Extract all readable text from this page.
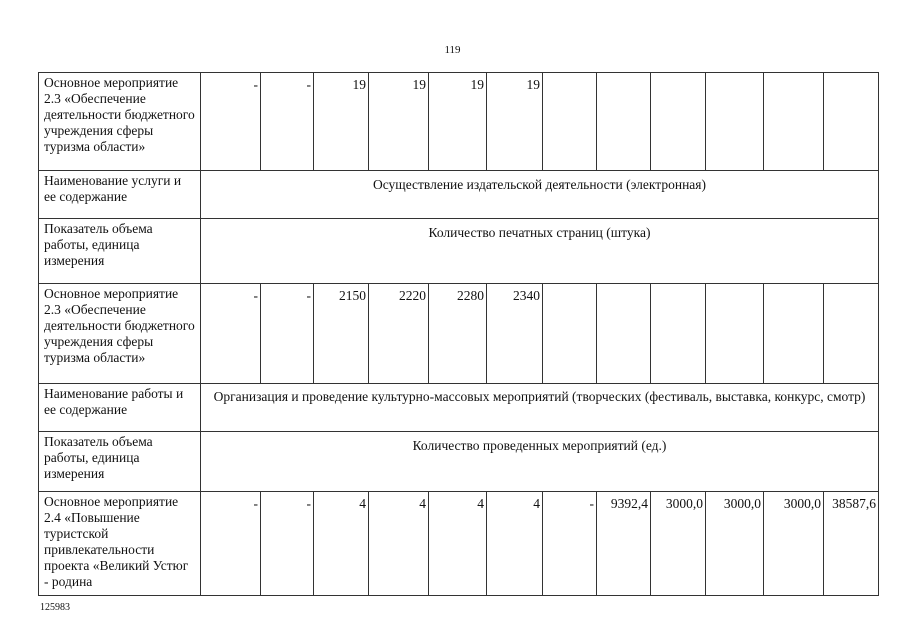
119
Основное мероприятие 2.3 «Обеспечение деятельности бюджетного учреждения сферы туризма области»	-	-	19	19	19	19						
Наименование услуги и ее содержание	Осуществление издательской деятельности (электронная)											
Показатель объема работы, единица измерения	Количество печатных страниц (штука)											
Основное мероприятие 2.3 «Обеспечение деятельности бюджетного учреждения сферы туризма области»	-	-	2150	2220	2280	2340						
Наименование работы и ее содержание	Организация и проведение культурно-массовых мероприятий (творческих (фестиваль, выставка, конкурс, смотр)											
Показатель объема работы, единица измерения	Количество проведенных мероприятий (ед.)											
Основное мероприятие 2.4 «Повышение туристской привлекательности проекта «Великий Устюг - родина	-	-	4	4	4	4	-	9392,4	3000,0	3000,0	3000,0	38587,6
125983
